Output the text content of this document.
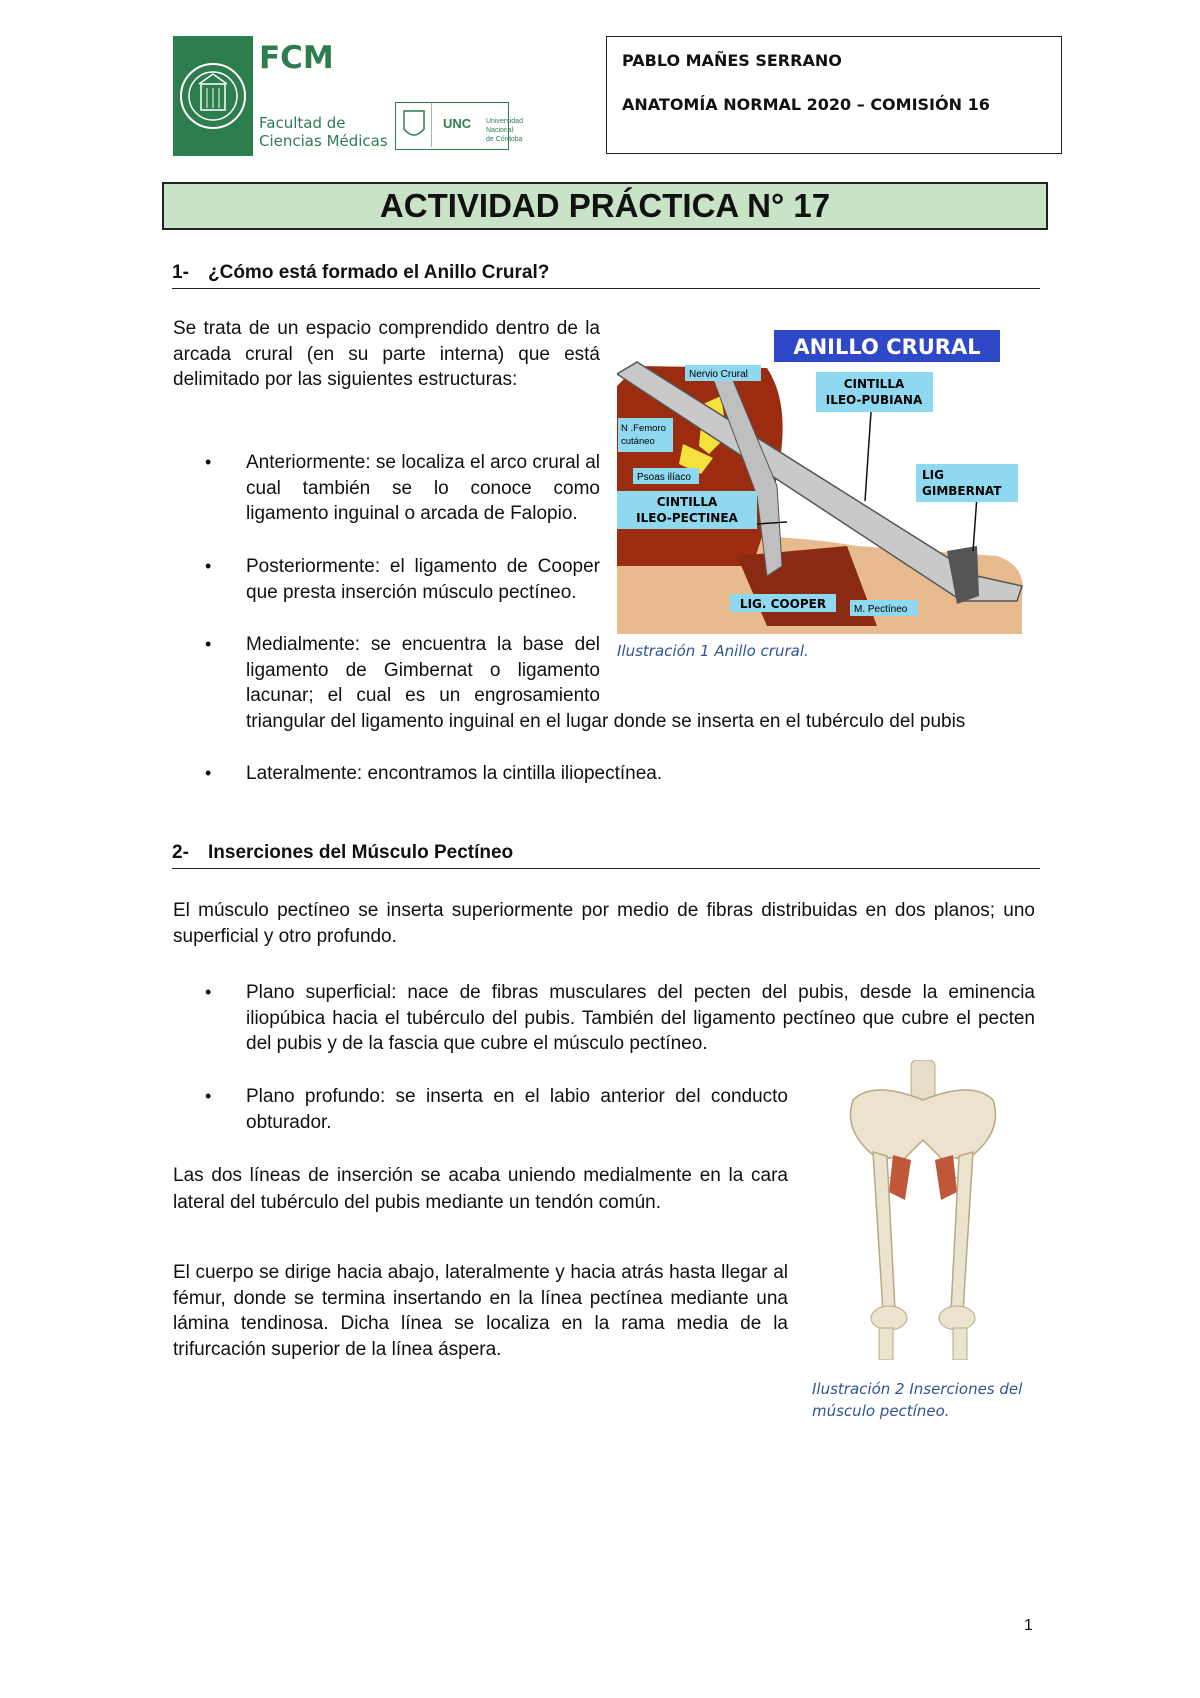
FCM
Facultad de
Ciencias Médicas
UNC Universidad
Nacional
de Córdoba
PABLO MAÑES SERRANO
ANATOMÍA NORMAL 2020 – COMISIÓN 16
ACTIVIDAD PRÁCTICA N° 17
1- ¿Cómo está formado el Anillo Crural?
Se trata de un espacio comprendido dentro de la arcada crural (en su parte interna) que está delimitado por las siguientes estructuras:
• Anteriormente: se localiza el arco crural al cual también se lo conoce como ligamento inguinal o arcada de Falopio.
• Posteriormente: el ligamento de Cooper que presta inserción músculo pectíneo.
• Medialmente: se encuentra la base del ligamento de Gimbernat o ligamento lacunar; el cual es un engrosamiento triangular del ligamento inguinal en el lugar donde se inserta en el tubérculo del pubis
• Lateralmente: encontramos la cintilla iliopectínea.
ANILLO CRURAL
Nervio Crural
N .Femoro
cutáneo
Psoas ilíaco
CINTILLA
ILEO-PECTINEA
CINTILLA
ILEO-PUBIANA
LIG
GIMBERNAT
LIG. COOPER	M. Pectíneo
Ilustración 1 Anillo crural.
2- Inserciones del Músculo Pectíneo
El músculo pectíneo se inserta superiormente por medio de fibras distribuidas en dos planos; uno superficial y otro profundo.
• Plano superficial: nace de fibras musculares del pecten del pubis, desde la eminencia iliopúbica hacia el tubérculo del pubis. También del ligamento pectíneo que cubre el pecten del pubis y de la fascia que cubre el músculo pectíneo.
• Plano profundo: se inserta en el labio anterior del conducto obturador.
Las dos líneas de inserción se acaba uniendo medialmente en la cara lateral del tubérculo del pubis mediante un tendón común.
El cuerpo se dirige hacia abajo, lateralmente y hacia atrás hasta llegar al fémur, donde se termina insertando en la línea pectínea mediante una lámina tendinosa. Dicha línea se localiza en la rama media de la trifurcación superior de la línea áspera.
Ilustración 2 Inserciones del
músculo pectíneo.
1
